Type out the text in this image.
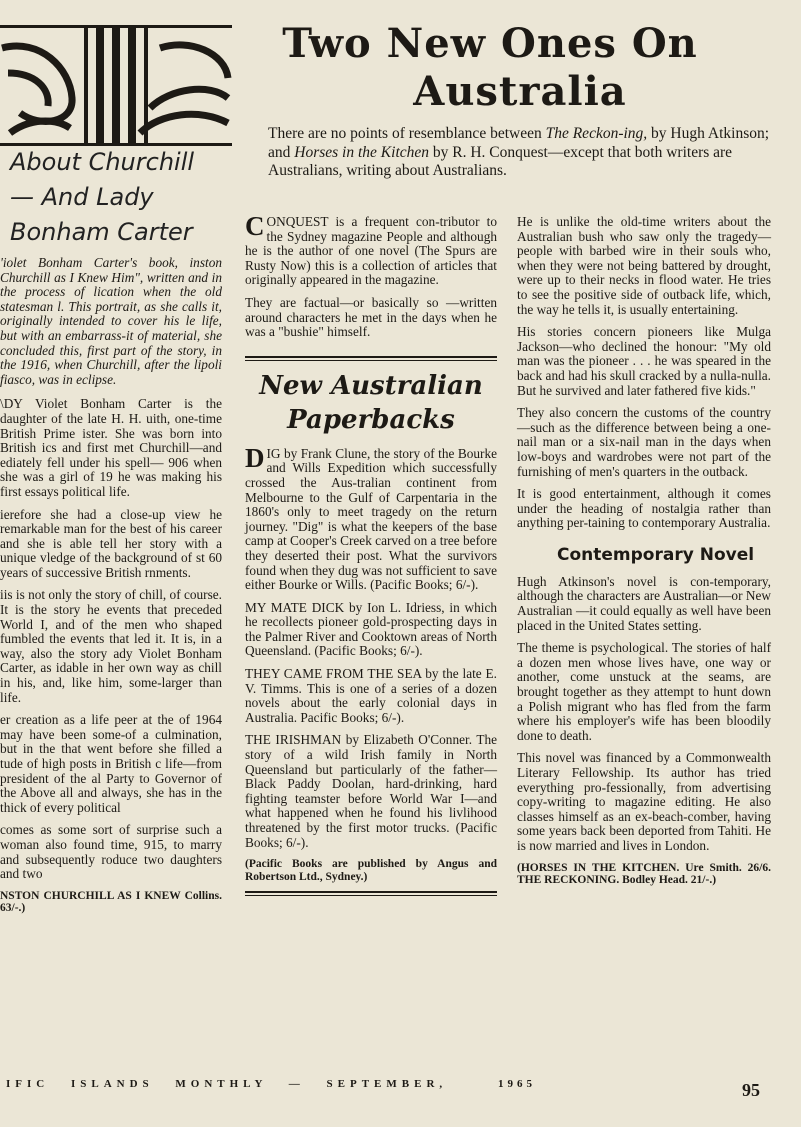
Two New Ones On
Australia

There are no points of resemblance between The Reckon-ing, by Hugh Atkinson; and Horses in the Kitchen by R. H. Conquest—except that both writers are Australians, writing about Australians.

About Churchill — And Lady Bonham Carter

'iolet Bonham Carter's book, inston Churchill as I Knew Him", written and in the process of lication when the old statesman l. This portrait, as she calls it, originally intended to cover his le life, but with an embarrass-it of material, she concluded this, first part of the story, in the 1916, when Churchill, after the lipoli fiasco, was in eclipse.

\DY Violet Bonham Carter is the daughter of the late H. H. uith, one-time British Prime ister. She was born into British ics and first met Churchill—and ediately fell under his spell— 906 when she was a girl of 19 he was making his first essays political life.

ierefore she had a close-up view he remarkable man for the best of his career and she is able tell her story with a unique vledge of the background of st 60 years of successive British rnments.

iis is not only the story of chill, of course. It is the story he events that preceded World I, and of the men who shaped fumbled the events that led it. It is, in a way, also the story ady Violet Bonham Carter, as idable in her own way as chill in his, and, like him, some-larger than life.

er creation as a life peer at the of 1964 may have been some-of a culmination, but in the that went before she filled a tude of high posts in British c life—from president of the al Party to Governor of the Above all and always, she has in the thick of every political

comes as some sort of surprise such a woman also found time, 915, to marry and subsequently roduce two daughters and two

NSTON CHURCHILL AS I KNEW Collins. 63/-.)

CONQUEST is a frequent con-tributor to the Sydney magazine People and although he is the author of one novel (The Spurs are Rusty Now) this is a collection of articles that originally appeared in the magazine.

They are factual—or basically so —written around characters he met in the days when he was a "bushie" himself.

New Australian
Paperbacks

DIG by Frank Clune, the story of the Bourke and Wills Expedition which successfully crossed the Aus-tralian continent from Melbourne to the Gulf of Carpentaria in the 1860's only to meet tragedy on the return journey. "Dig" is what the keepers of the base camp at Cooper's Creek carved on a tree before they deserted their post. What the survivors found when they dug was not sufficient to save either Bourke or Wills. (Pacific Books; 6/-).

MY MATE DICK by Ion L. Idriess, in which he recollects pioneer gold-prospecting days in the Palmer River and Cooktown areas of North Queensland. (Pacific Books; 6/-).

THEY CAME FROM THE SEA by the late E. V. Timms. This is one of a series of a dozen novels about the early colonial days in Australia. Pacific Books; 6/-).

THE IRISHMAN by Elizabeth O'Conner. The story of a wild Irish family in North Queensland but particularly of the father—Black Paddy Doolan, hard-drinking, hard fighting teamster before World War I—and what happened when he found his livlihood threatened by the first motor trucks. (Pacific Books; 6/-).

(Pacific Books are published by Angus and Robertson Ltd., Sydney.)

He is unlike the old-time writers about the Australian bush who saw only the tragedy—people with barbed wire in their souls who, when they were not being battered by drought, were up to their necks in flood water. He tries to see the positive side of outback life, which, the way he tells it, is usually entertaining.

His stories concern pioneers like Mulga Jackson—who declined the honour: "My old man was the pioneer . . . he was speared in the back and had his skull cracked by a nulla-nulla. But he survived and later fathered five kids."

They also concern the customs of the country—such as the difference between being a one-nail man or a six-nail man in the days when low-boys and wardrobes were not part of the furnishing of men's quarters in the outback.

It is good entertainment, although it comes under the heading of nostalgia rather than anything per-taining to contemporary Australia.

Contemporary Novel

Hugh Atkinson's novel is con-temporary, although the characters are Australian—or New Australian —it could equally as well have been placed in the United States setting.

The theme is psychological. The stories of half a dozen men whose lives have, one way or another, come unstuck at the seams, are brought together as they attempt to hunt down a Polish migrant who has fled from the farm where his employer's wife has been bloodily done to death.

This novel was financed by a Commonwealth Literary Fellowship. Its author has tried everything pro-fessionally, from advertising copy-writing to magazine editing. He also classes himself as an ex-beach-comber, having some years back been deported from Tahiti. He is now married and lives in London.

(HORSES IN THE KITCHEN. Ure Smith. 26/6. THE RECKONING. Bodley Head. 21/-.)

IFIC ISLANDS MONTHLY — SEPTEMBER,	1965	95
